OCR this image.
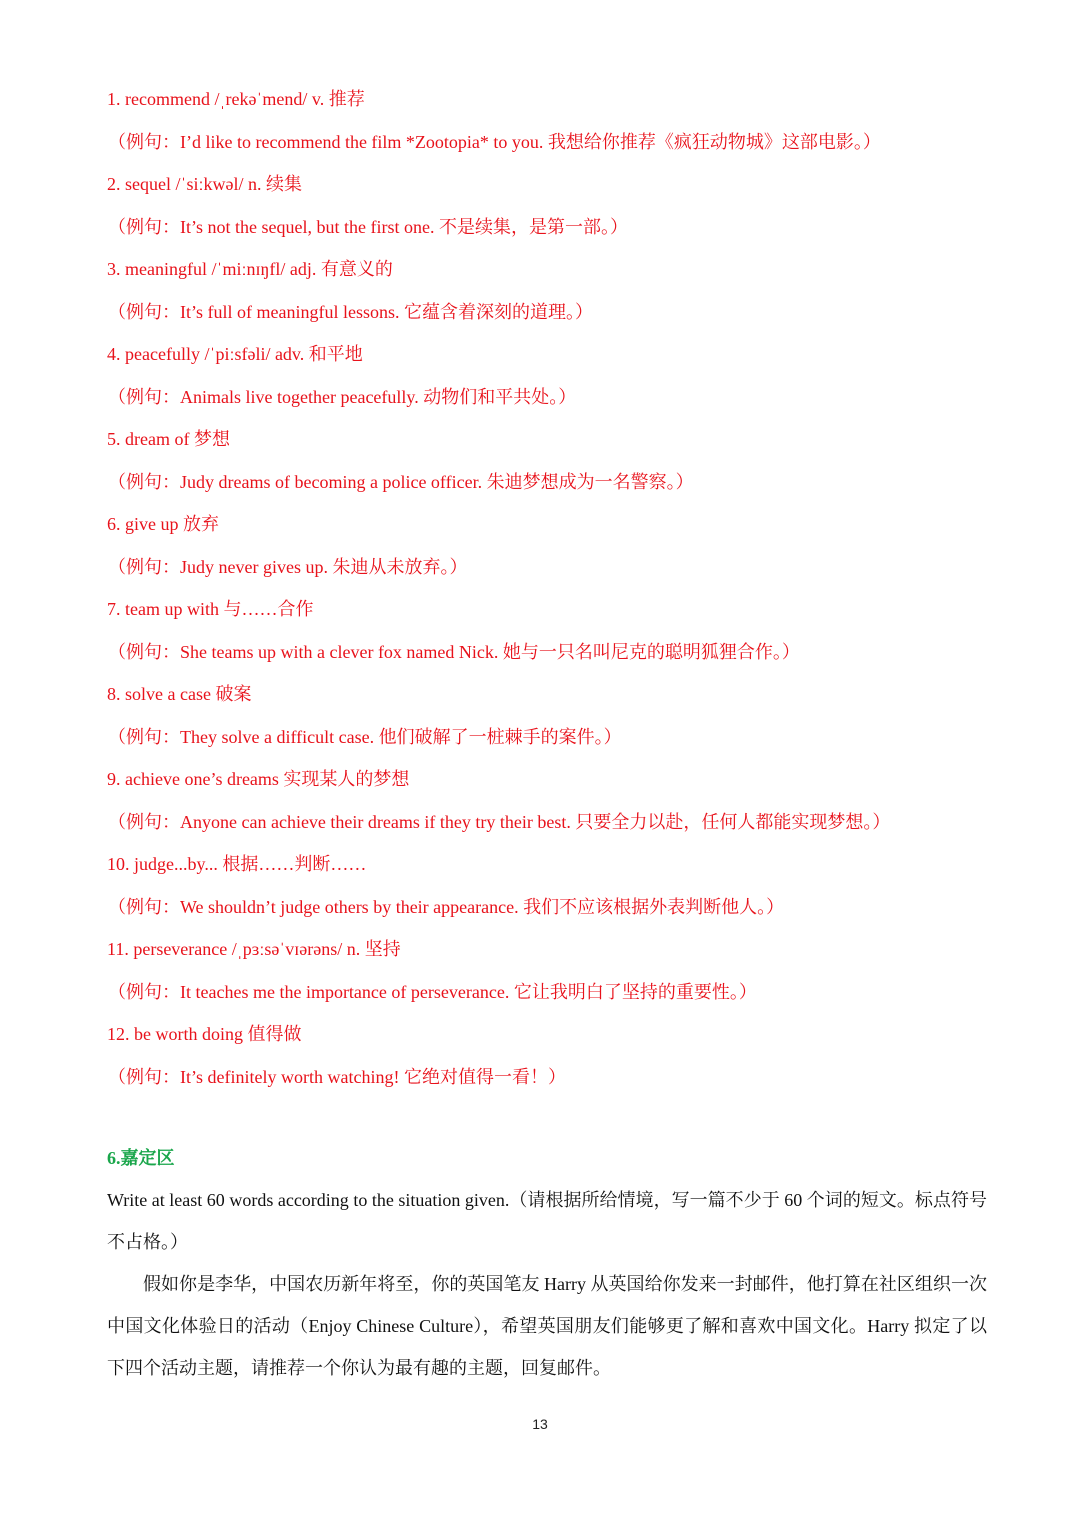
1. recommend /ˌrekəˈmend/ v. 推荐
（例句：I’d like to recommend the film *Zootopia* to you. 我想给你推荐《疯狂动物城》这部电影。）
2. sequel /ˈsiːkwəl/ n. 续集
（例句：It’s not the sequel, but the first one. 不是续集，是第一部。）
3. meaningful /ˈmiːnɪŋfl/ adj. 有意义的
（例句：It’s full of meaningful lessons. 它蕴含着深刻的道理。）
4. peacefully /ˈpiːsfəli/ adv. 和平地
（例句：Animals live together peacefully. 动物们和平共处。）
5. dream of 梦想
（例句：Judy dreams of becoming a police officer. 朱迪梦想成为一名警察。）
6. give up 放弃
（例句：Judy never gives up. 朱迪从未放弃。）
7. team up with 与……合作
（例句：She teams up with a clever fox named Nick. 她与一只名叫尼克的聪明狐狸合作。）
8. solve a case 破案
（例句：They solve a difficult case. 他们破解了一桩棘手的案件。）
9. achieve one’s dreams 实现某人的梦想
（例句：Anyone can achieve their dreams if they try their best. 只要全力以赴，任何人都能实现梦想。）
10. judge...by... 根据……判断……
（例句：We shouldn’t judge others by their appearance. 我们不应该根据外表判断他人。）
11. perseverance /ˌpɜːsəˈvɪərəns/ n. 坚持
（例句：It teaches me the importance of perseverance. 它让我明白了坚持的重要性。）
12. be worth doing 值得做
（例句：It’s definitely worth watching! 它绝对值得一看！）
6.嘉定区
Write at least 60 words according to the situation given.（请根据所给情境，写一篇不少于 60 个词的短文。标点符号不占格。）
假如你是李华，中国农历新年将至，你的英国笔友 Harry 从英国给你发来一封邮件，他打算在社区组织一次中国文化体验日的活动（Enjoy Chinese Culture），希望英国朋友们能够更了解和喜欢中国文化。Harry 拟定了以下四个活动主题，请推荐一个你认为最有趣的主题，回复邮件。
13
